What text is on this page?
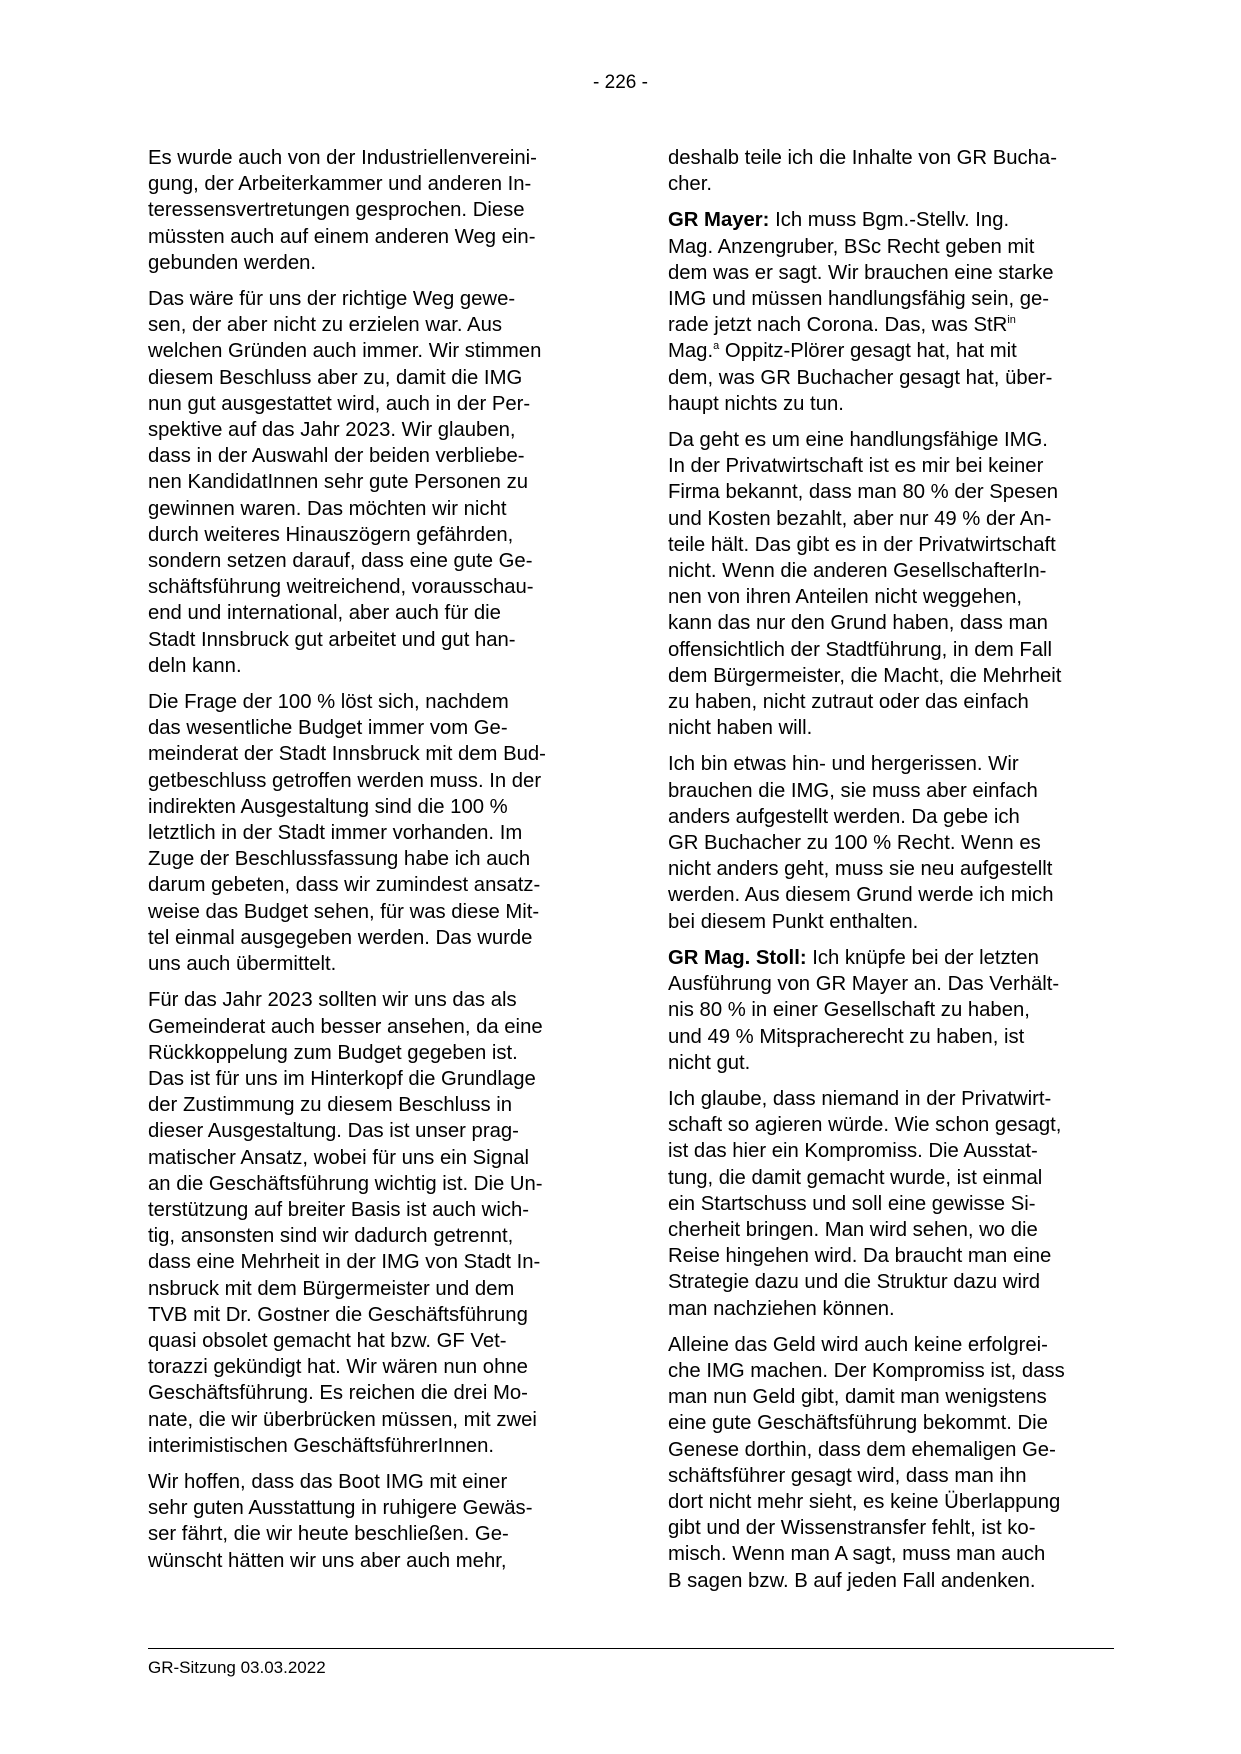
- 226 -

Es wurde auch von der Industriellenvereini-
gung, der Arbeiterkammer und anderen In-
teressensvertretungen gesprochen. Diese
müssten auch auf einem anderen Weg ein-
gebunden werden.

Das wäre für uns der richtige Weg gewe-
sen, der aber nicht zu erzielen war. Aus
welchen Gründen auch immer. Wir stimmen
diesem Beschluss aber zu, damit die IMG
nun gut ausgestattet wird, auch in der Per-
spektive auf das Jahr 2023. Wir glauben,
dass in der Auswahl der beiden verbliebe-
nen KandidatInnen sehr gute Personen zu
gewinnen waren. Das möchten wir nicht
durch weiteres Hinauszögern gefährden,
sondern setzen darauf, dass eine gute Ge-
schäftsführung weitreichend, vorausschau-
end und international, aber auch für die
Stadt Innsbruck gut arbeitet und gut han-
deln kann.

Die Frage der 100 % löst sich, nachdem
das wesentliche Budget immer vom Ge-
meinderat der Stadt Innsbruck mit dem Bud-
getbeschluss getroffen werden muss. In der
indirekten Ausgestaltung sind die 100 %
letztlich in der Stadt immer vorhanden. Im
Zuge der Beschlussfassung habe ich auch
darum gebeten, dass wir zumindest ansatz-
weise das Budget sehen, für was diese Mit-
tel einmal ausgegeben werden. Das wurde
uns auch übermittelt.

Für das Jahr 2023 sollten wir uns das als
Gemeinderat auch besser ansehen, da eine
Rückkoppelung zum Budget gegeben ist.
Das ist für uns im Hinterkopf die Grundlage
der Zustimmung zu diesem Beschluss in
dieser Ausgestaltung. Das ist unser prag-
matischer Ansatz, wobei für uns ein Signal
an die Geschäftsführung wichtig ist. Die Un-
terstützung auf breiter Basis ist auch wich-
tig, ansonsten sind wir dadurch getrennt,
dass eine Mehrheit in der IMG von Stadt In-
nsbruck mit dem Bürgermeister und dem
TVB mit Dr. Gostner die Geschäftsführung
quasi obsolet gemacht hat bzw. GF Vet-
torazzi gekündigt hat. Wir wären nun ohne
Geschäftsführung. Es reichen die drei Mo-
nate, die wir überbrücken müssen, mit zwei
interimistischen GeschäftsführerInnen.

Wir hoffen, dass das Boot IMG mit einer
sehr guten Ausstattung in ruhigere Gewäs-
ser fährt, die wir heute beschließen. Ge-
wünscht hätten wir uns aber auch mehr,

deshalb teile ich die Inhalte von GR Bucha-
cher.

GR Mayer: Ich muss Bgm.-Stellv. Ing.
Mag. Anzengruber, BSc Recht geben mit
dem was er sagt. Wir brauchen eine starke
IMG und müssen handlungsfähig sein, ge-
rade jetzt nach Corona. Das, was StR$^{in}$
Mag.$^a$ Oppitz-Plörer gesagt hat, hat mit
dem, was GR Buchacher gesagt hat, über-
haupt nichts zu tun.

Da geht es um eine handlungsfähige IMG.
In der Privatwirtschaft ist es mir bei keiner
Firma bekannt, dass man 80 % der Spesen
und Kosten bezahlt, aber nur 49 % der An-
teile hält. Das gibt es in der Privatwirtschaft
nicht. Wenn die anderen GesellschafterIn-
nen von ihren Anteilen nicht weggehen,
kann das nur den Grund haben, dass man
offensichtlich der Stadtführung, in dem Fall
dem Bürgermeister, die Macht, die Mehrheit
zu haben, nicht zutraut oder das einfach
nicht haben will.

Ich bin etwas hin- und hergerissen. Wir
brauchen die IMG, sie muss aber einfach
anders aufgestellt werden. Da gebe ich
GR Buchacher zu 100 % Recht. Wenn es
nicht anders geht, muss sie neu aufgestellt
werden. Aus diesem Grund werde ich mich
bei diesem Punkt enthalten.

GR Mag. Stoll: Ich knüpfe bei der letzten
Ausführung von GR Mayer an. Das Verhält-
nis 80 % in einer Gesellschaft zu haben,
und 49 % Mitspracherecht zu haben, ist
nicht gut.

Ich glaube, dass niemand in der Privatwirt-
schaft so agieren würde. Wie schon gesagt,
ist das hier ein Kompromiss. Die Ausstat-
tung, die damit gemacht wurde, ist einmal
ein Startschuss und soll eine gewisse Si-
cherheit bringen. Man wird sehen, wo die
Reise hingehen wird. Da braucht man eine
Strategie dazu und die Struktur dazu wird
man nachziehen können.

Alleine das Geld wird auch keine erfolgrei-
che IMG machen. Der Kompromiss ist, dass
man nun Geld gibt, damit man wenigstens
eine gute Geschäftsführung bekommt. Die
Genese dorthin, dass dem ehemaligen Ge-
schäftsführer gesagt wird, dass man ihn
dort nicht mehr sieht, es keine Überlappung
gibt und der Wissenstransfer fehlt, ist ko-
misch. Wenn man A sagt, muss man auch
B sagen bzw. B auf jeden Fall andenken.

GR-Sitzung 03.03.2022
